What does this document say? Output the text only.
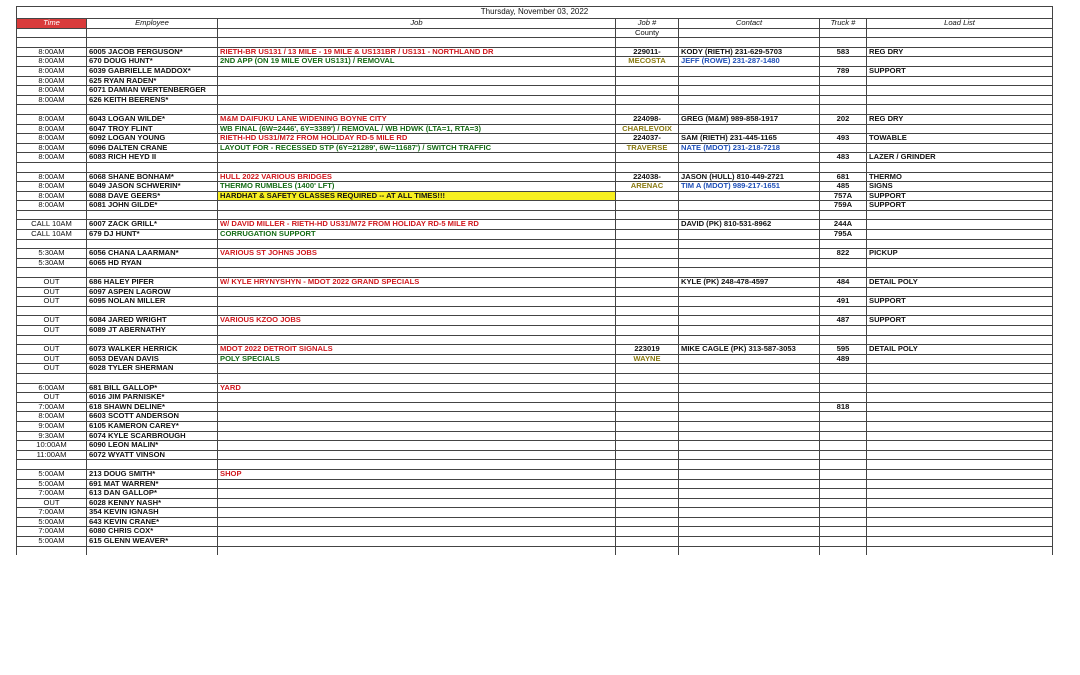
Thursday, November 03, 2022						
Time	Employee	Job	Job #	Contact	Truck #	Load List
			County			

8:00AM	6005 JACOB FERGUSON*	RIETH-BR US131 / 13 MILE - 19 MILE & US131BR / US131 - NORTHLAND DR	229011-	KODY (RIETH) 231-629-5703	583	REG DRY
8:00AM	670 DOUG HUNT*	2ND APP (ON 19 MILE OVER US131) / REMOVAL	MECOSTA	JEFF (ROWE) 231-287-1480		
8:00AM	6039 GABRIELLE MADDOX*				789	SUPPORT
8:00AM	625 RYAN RADEN*					
8:00AM	6071 DAMIAN WERTENBERGER					
8:00AM	626 KEITH BEERENS*					

8:00AM	6043 LOGAN WILDE*	M&M DAIFUKU LANE WIDENING BOYNE CITY	224098-	GREG (M&M) 989-858-1917	202	REG DRY
8:00AM	6047 TROY FLINT	WB FINAL (6W=2446', 6Y=3389') / REMOVAL / WB HDWK (LTA=1, RTA=3)	CHARLEVOIX			
8:00AM	6092 LOGAN YOUNG	RIETH-HD US31/M72 FROM HOLIDAY RD-5 MILE RD	224037-	SAM (RIETH) 231-445-1165	493	TOWABLE
8:00AM	6096 DALTEN CRANE	LAYOUT FOR - RECESSED STP (6Y=21289', 6W=11687') / SWITCH TRAFFIC	TRAVERSE	NATE (MDOT) 231-218-7218		
8:00AM	6083 RICH HEYD II				483	LAZER / GRINDER

8:00AM	6068 SHANE BONHAM*	HULL 2022 VARIOUS BRIDGES	224038-	JASON (HULL) 810-449-2721	681	THERMO
8:00AM	6049 JASON SCHWERIN*	THERMO RUMBLES (1400' LFT)	ARENAC	TIM A (MDOT) 989-217-1651	485	SIGNS
8:00AM	6088 DAVE GEERS*	HARDHAT & SAFETY GLASSES REQUIRED -- AT ALL TIMES!!!			757A	SUPPORT
8:00AM	6081 JOHN GILDE*				759A	SUPPORT

CALL 10AM	6007 ZACK GRILL*	W/ DAVID MILLER - RIETH-HD US31/M72 FROM HOLIDAY RD-5 MILE RD		DAVID (PK) 810-531-8962	244A	
CALL 10AM	679 DJ HUNT*	CORRUGATION SUPPORT			795A	

5:30AM	6056 CHANA LAARMAN*	VARIOUS ST JOHNS JOBS			822	PICKUP
5:30AM	6065 HD RYAN					

OUT	686 HALEY PIFER	W/ KYLE HRYNYSHYN - MDOT 2022 GRAND SPECIALS		KYLE (PK) 248-478-4597	484	DETAIL POLY
OUT	6097 ASPEN LAGROW					
OUT	6095 NOLAN MILLER				491	SUPPORT

OUT	6084 JARED WRIGHT	VARIOUS KZOO JOBS			487	SUPPORT
OUT	6089 JT ABERNATHY					

OUT	6073 WALKER HERRICK	MDOT 2022 DETROIT SIGNALS	223019	MIKE CAGLE (PK) 313-587-3053	595	DETAIL POLY
OUT	6053 DEVAN DAVIS	POLY SPECIALS	WAYNE		489	
OUT	6028 TYLER SHERMAN					

6:00AM	681 BILL GALLOP*	YARD				
OUT	6016 JIM PARNISKE*					
7:00AM	618 SHAWN DELINE*				818	
8:00AM	6603 SCOTT ANDERSON					
9:00AM	6105 KAMERON CAREY*					
9:30AM	6074 KYLE SCARBROUGH					
10:00AM	6090 LEON MALIN*					
11:00AM	6072 WYATT VINSON					

5:00AM	213 DOUG SMITH*	SHOP				
5:00AM	691 MAT WARREN*					
7:00AM	613 DAN GALLOP*					
OUT	6028 KENNY NASH*					
7:00AM	354 KEVIN IGNASH					
5:00AM	643 KEVIN CRANE*					
7:00AM	6080 CHRIS COX*					
5:00AM	615 GLENN WEAVER*					
